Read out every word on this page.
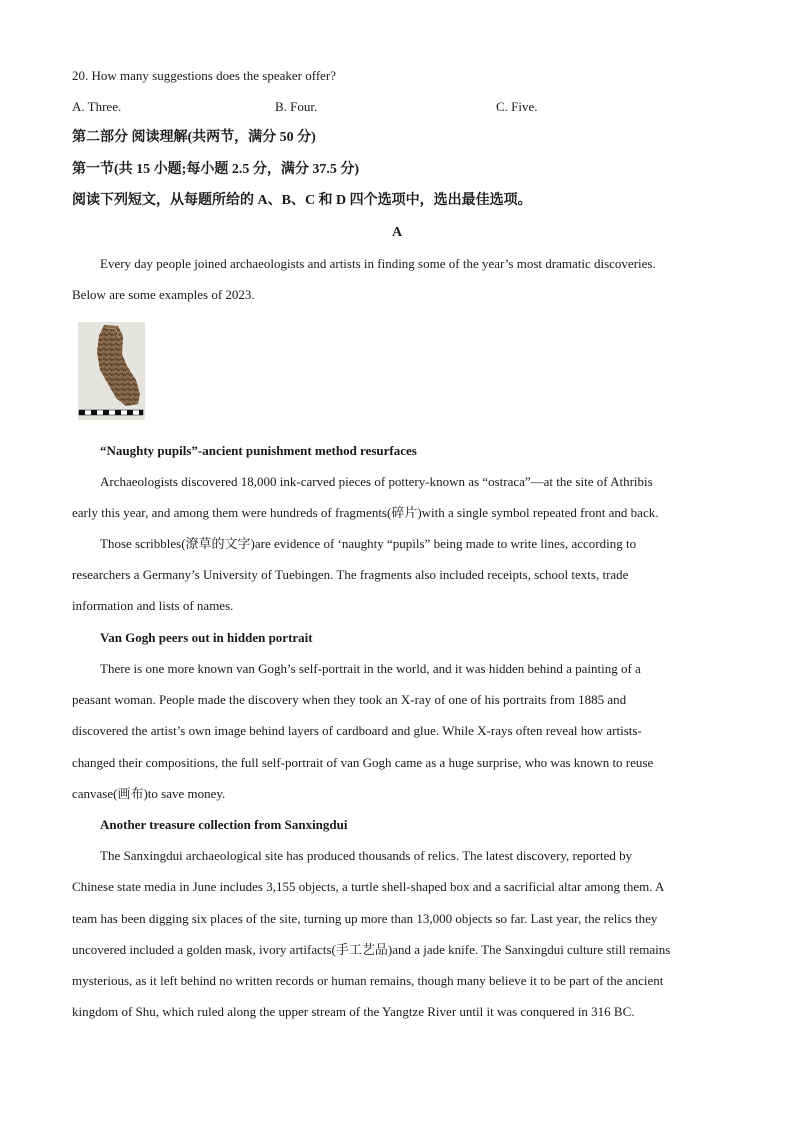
20. How many suggestions does the speaker offer?
A. Three.	B. Four.	C. Five.
第二部分 阅读理解(共两节，满分 50 分)
第一节(共 15 小题;每小题 2.5 分，满分 37.5 分)
阅读下列短文，从每题所给的 A、B、C 和 D 四个选项中，选出最佳选项。
A
Every day people joined archaeologists and artists in finding some of the year’s most dramatic discoveries.
Below are some examples of 2023.
“Naughty pupils”-ancient punishment method resurfaces
Archaeologists discovered 18,000 ink-carved pieces of pottery-known as “ostraca”—at the site of Athribis
early this year, and among them were hundreds of fragments(碎片)with a single symbol repeated front and back.
Those scribbles(潦草的文字)are evidence of ‘naughty “pupils” being made to write lines, according to
researchers a Germany’s University of Tuebingen. The fragments also included receipts, school texts, trade
information and lists of names.
Van Gogh peers out in hidden portrait
There is one more known van Gogh’s self-portrait in the world, and it was hidden behind a painting of a
peasant woman. People made the discovery when they took an X-ray of one of his portraits from 1885 and
discovered the artist’s own image behind layers of cardboard and glue. While X-rays often reveal how artists-
changed their compositions, the full self-portrait of van Gogh came as a huge surprise, who was known to reuse
canvase(画布)to save money.
Another treasure collection from Sanxingdui
The Sanxingdui archaeological site has produced thousands of relics. The latest discovery, reported by
Chinese state media in June includes 3,155 objects, a turtle shell-shaped box and a sacrificial altar among them. A
team has been digging six places of the site, turning up more than 13,000 objects so far. Last year, the relics they
uncovered included a golden mask, ivory artifacts(手工艺品)and a jade knife. The Sanxingdui culture still remains
mysterious, as it left behind no written records or human remains, though many believe it to be part of the ancient
kingdom of Shu, which ruled along the upper stream of the Yangtze River until it was conquered in 316 BC.
